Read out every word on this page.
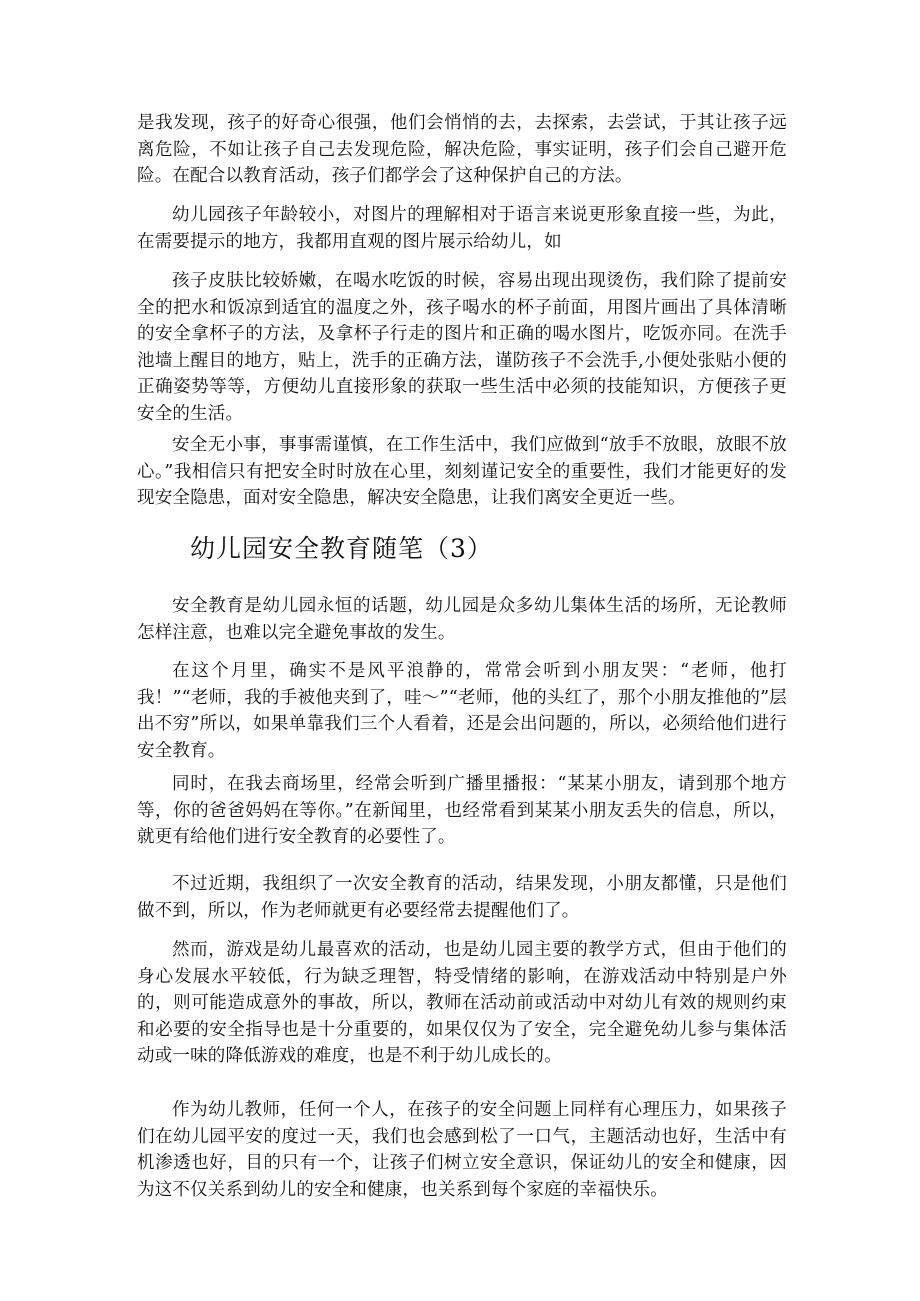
是我发现，孩子的好奇心很强，他们会悄悄的去，去探索，去尝试，于其让孩子远离危险，不如让孩子自己去发现危险，解决危险，事实证明，孩子们会自己避开危险。在配合以教育活动，孩子们都学会了这种保护自己的方法。

幼儿园孩子年龄较小，对图片的理解相对于语言来说更形象直接一些，为此，在需要提示的地方，我都用直观的图片展示给幼儿，如

孩子皮肤比较娇嫩，在喝水吃饭的时候，容易出现出现烫伤，我们除了提前安全的把水和饭凉到适宜的温度之外，孩子喝水的杯子前面，用图片画出了具体清晰的安全拿杯子的方法，及拿杯子行走的图片和正确的喝水图片，吃饭亦同。在洗手池墙上醒目的地方，贴上，洗手的正确方法，谨防孩子不会洗手,小便处张贴小便的正确姿势等等，方便幼儿直接形象的获取一些生活中必须的技能知识，方便孩子更安全的生活。

安全无小事，事事需谨慎，在工作生活中，我们应做到“放手不放眼，放眼不放心。”我相信只有把安全时时放在心里，刻刻谨记安全的重要性，我们才能更好的发现安全隐患，面对安全隐患，解决安全隐患，让我们离安全更近一些。

幼儿园安全教育随笔（3）

安全教育是幼儿园永恒的话题，幼儿园是众多幼儿集体生活的场所，无论教师怎样注意，也难以完全避免事故的发生。

在这个月里，确实不是风平浪静的，常常会听到小朋友哭：“老师，他打我！”“老师，我的手被他夹到了，哇～”“老师，他的头红了，那个小朋友推他的”层出不穷”所以，如果单靠我们三个人看着，还是会出问题的，所以，必须给他们进行安全教育。

同时，在我去商场里，经常会听到广播里播报：“某某小朋友，请到那个地方等，你的爸爸妈妈在等你。”在新闻里，也经常看到某某小朋友丢失的信息，所以，就更有给他们进行安全教育的必要性了。

不过近期，我组织了一次安全教育的活动，结果发现，小朋友都懂，只是他们做不到，所以，作为老师就更有必要经常去提醒他们了。

然而，游戏是幼儿最喜欢的活动，也是幼儿园主要的教学方式，但由于他们的身心发展水平较低，行为缺乏理智，特受情绪的影响，在游戏活动中特别是户外的，则可能造成意外的事故，所以，教师在活动前或活动中对幼儿有效的规则约束和必要的安全指导也是十分重要的，如果仅仅为了安全，完全避免幼儿参与集体活动或一味的降低游戏的难度，也是不利于幼儿成长的。

作为幼儿教师，任何一个人，在孩子的安全问题上同样有心理压力，如果孩子们在幼儿园平安的度过一天，我们也会感到松了一口气，主题活动也好，生活中有机渗透也好，目的只有一个，让孩子们树立安全意识，保证幼儿的安全和健康，因为这不仅关系到幼儿的安全和健康，也关系到每个家庭的幸福快乐。
